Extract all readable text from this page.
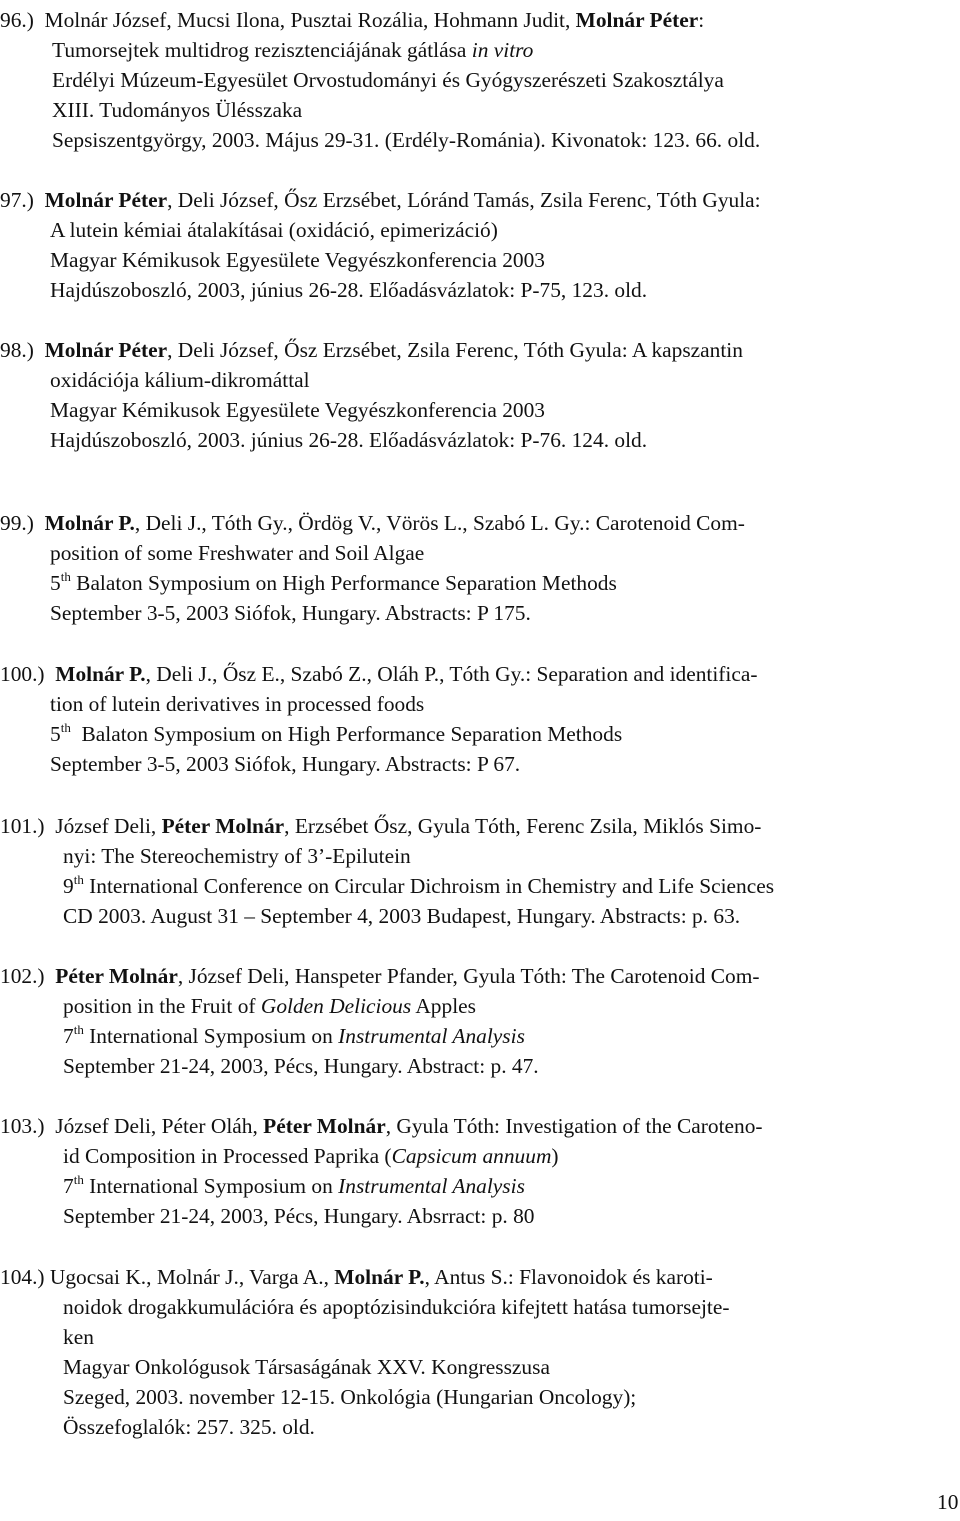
96.)  Molnár József, Mucsi Ilona, Pusztai Rozália, Hohmann Judit, Molnár Péter:
Tumorsejtek multidrog rezisztenciájának gátlása in vitro
Erdélyi Múzeum-Egyesület Orvostudományi és Gyógyszerészeti Szakosztálya
XIII. Tudományos Ülésszaka
Sepsiszentgyörgy, 2003. Május 29-31. (Erdély-Románia). Kivonatok: 123. 66. old.
97.)  Molnár Péter, Deli József, Ősz Erzsébet, Lóránd Tamás, Zsila Ferenc, Tóth Gyula:
A lutein kémiai átalakításai (oxidáció, epimerizáció)
Magyar Kémikusok Egyesülete Vegyészkonferencia 2003
Hajdúszoboszló, 2003, június 26-28. Előadásvázlatok: P-75, 123. old.
98.)  Molnár Péter, Deli József, Ősz Erzsébet, Zsila Ferenc, Tóth Gyula: A kapszantin
oxidációja kálium-dikromáttal
Magyar Kémikusok Egyesülete Vegyészkonferencia 2003
Hajdúszoboszló, 2003. június 26-28. Előadásvázlatok: P-76. 124. old.
99.)  Molnár P., Deli J., Tóth Gy., Ördög V., Vörös L., Szabó L. Gy.: Carotenoid Com-
position of some Freshwater and Soil Algae
5th Balaton Symposium on High Performance Separation Methods
September 3-5, 2003 Siófok, Hungary. Abstracts: P 175.
100.)  Molnár P., Deli J., Ősz E., Szabó Z., Oláh P., Tóth Gy.: Separation and identifica-
tion of lutein derivatives in processed foods
5th  Balaton Symposium on High Performance Separation Methods
September 3-5, 2003 Siófok, Hungary. Abstracts: P 67.
101.)  József Deli, Péter Molnár, Erzsébet Ősz, Gyula Tóth, Ferenc Zsila, Miklós Simo-
nyi: The Stereochemistry of 3’-Epilutein
9th International Conference on Circular Dichroism in Chemistry and Life Sciences
CD 2003. August 31 – September 4, 2003 Budapest, Hungary. Abstracts: p. 63.
102.)  Péter Molnár, József Deli, Hanspeter Pfander, Gyula Tóth: The Carotenoid Com-
position in the Fruit of Golden Delicious Apples
7th International Symposium on Instrumental Analysis
September 21-24, 2003, Pécs, Hungary. Abstract: p. 47.
103.)  József Deli, Péter Oláh, Péter Molnár, Gyula Tóth: Investigation of the Caroteno-
id Composition in Processed Paprika (Capsicum annuum)
7th International Symposium on Instrumental Analysis
September 21-24, 2003, Pécs, Hungary. Absrract: p. 80
104.) Ugocsai K., Molnár J., Varga A., Molnár P., Antus S.: Flavonoidok és karoti-
noidok drogakkumulációra és apoptózisindukcióra kifejtett hatása tumorsejte-
ken
Magyar Onkológusok Társaságának XXV. Kongresszusa
Szeged, 2003. november 12-15. Onkológia (Hungarian Oncology);
Összefoglalók: 257. 325. old.
10
